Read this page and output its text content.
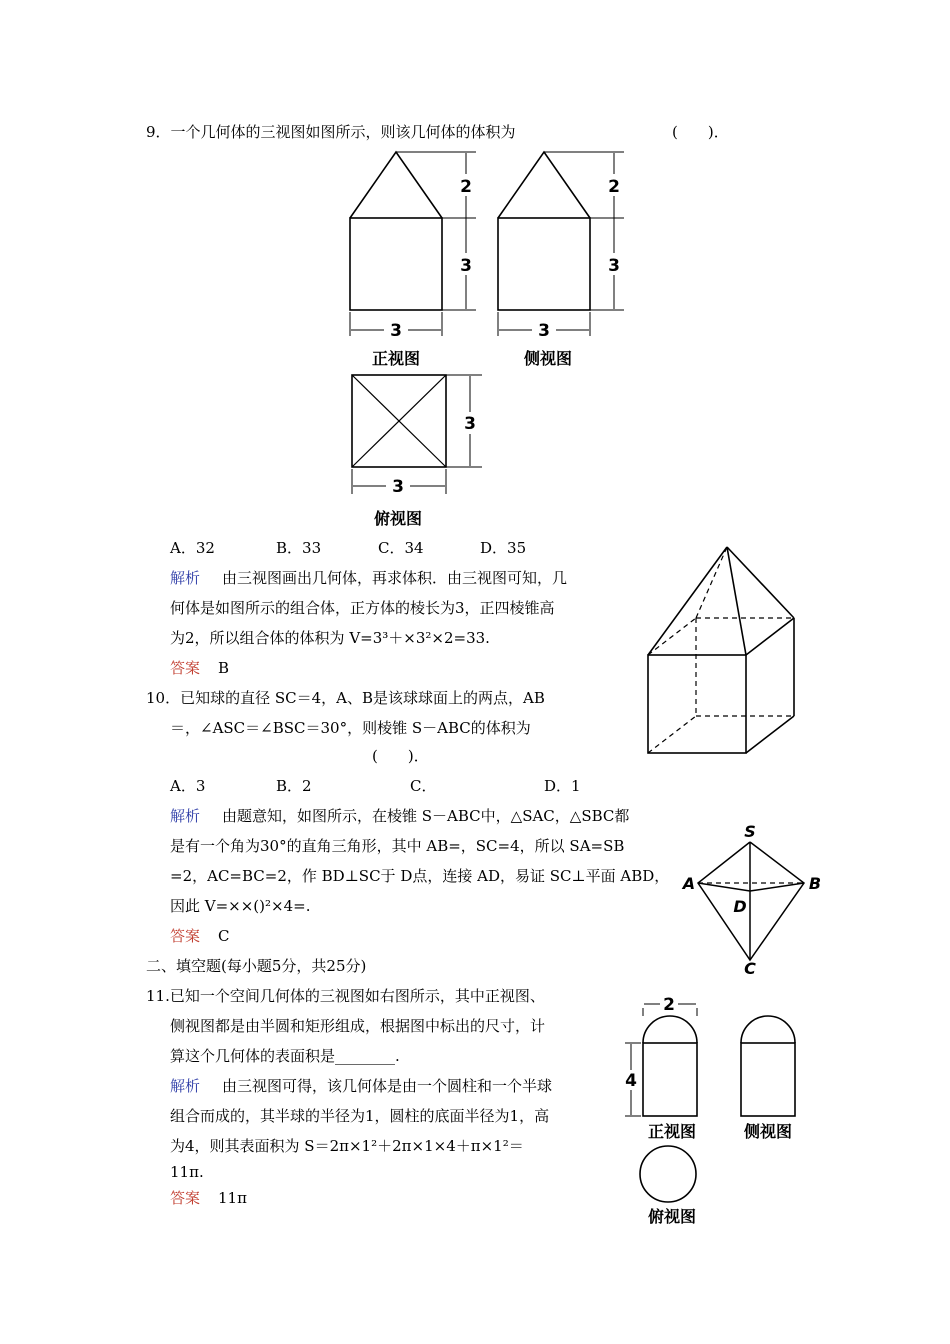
9．一个几何体的三视图如图所示，则该几何体的体积为	(　　)．
2
3
3
正视图
2
3
3
侧视图
3
3
俯视图
A．32	B．33	C．34	D．35
解析 由三视图画出几何体，再求体积．由三视图可知，几
何体是如图所示的组合体，正方体的棱长为3，正四棱锥高
为2，所以组合体的体积为 V=3³＋×3²×2=33.
答案 B
10．已知球的直径 SC＝4，A、B是该球球面上的两点，AB
＝，∠ASC＝∠BSC＝30°，则棱锥 S－ABC的体积为
(　　)．
A．3	B．2	C．	D．1
解析 由题意知，如图所示，在棱锥 S－ABC中，△SAC，△SBC都
是有一个角为30°的直角三角形，其中 AB=，SC=4，所以 SA=SB
=2，AC=BC=2，作 BD⊥SC于 D点，连接 AD，易证 SC⊥平面 ABD，
因此 V=××()²×4=.
答案 C
S
A	B
D
C
二、填空题(每小题5分，共25分)
11.已知一个空间几何体的三视图如右图所示，其中正视图、
侧视图都是由半圆和矩形组成，根据图中标出的尺寸，计
算这个几何体的表面积是________.
解析 由三视图可得，该几何体是由一个圆柱和一个半球
组合而成的，其半球的半径为1，圆柱的底面半径为1，高
为4，则其表面积为 S＝2π×1²＋2π×1×4＋π×1²＝
11π.
答案 11π
2
4
正视图	侧视图
俯视图
